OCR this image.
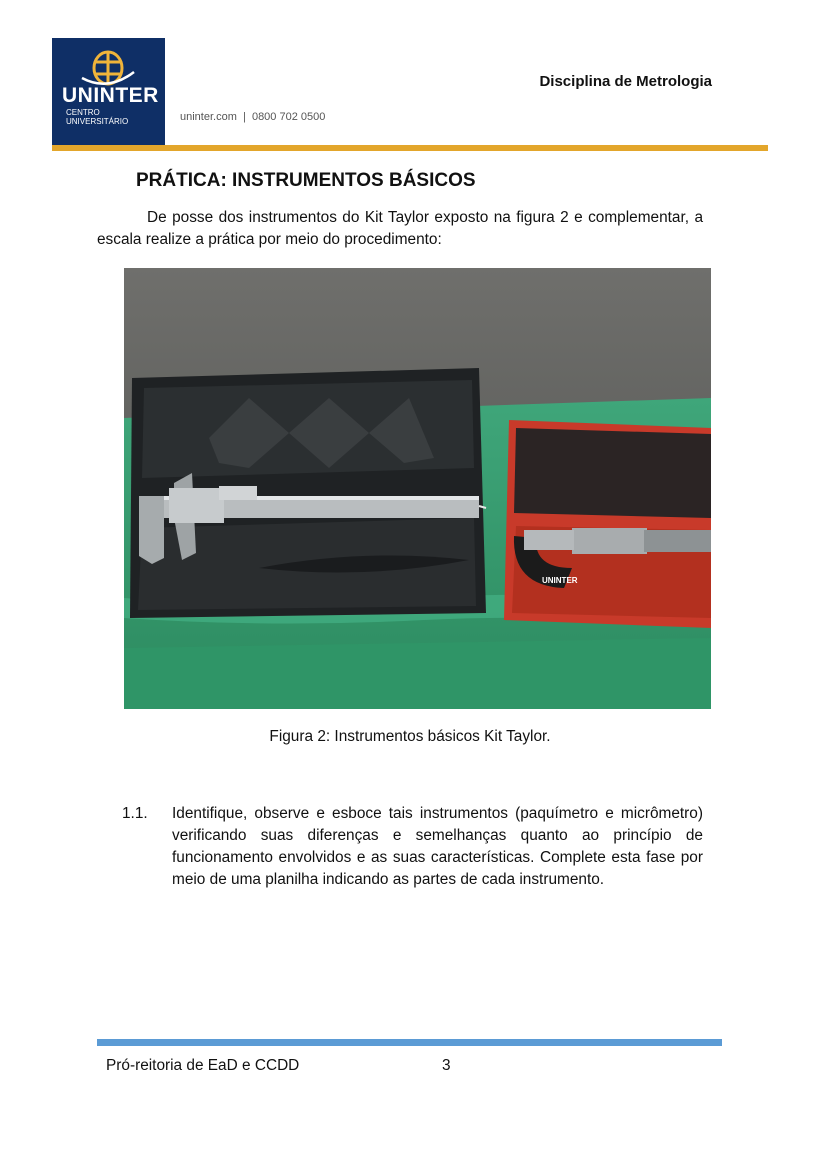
UNINTER
CENTRO
UNIVERSITÁRIO	uninter.com  |  0800 702 0500
Disciplina de Metrologia
PRÁTICA: INSTRUMENTOS BÁSICOS
De posse dos instrumentos do Kit Taylor exposto na figura 2 e complementar, a escala realize a prática por meio do procedimento:
UNINTER
Figura 2: Instrumentos básicos Kit Taylor.
1.1. Identifique, observe e esboce tais instrumentos (paquímetro e micrômetro) verificando suas diferenças e semelhanças quanto ao princípio de funcionamento envolvidos e as suas características. Complete esta fase por meio de uma planilha indicando as partes de cada instrumento.
Pró-reitoria de EaD e CCDD	3
